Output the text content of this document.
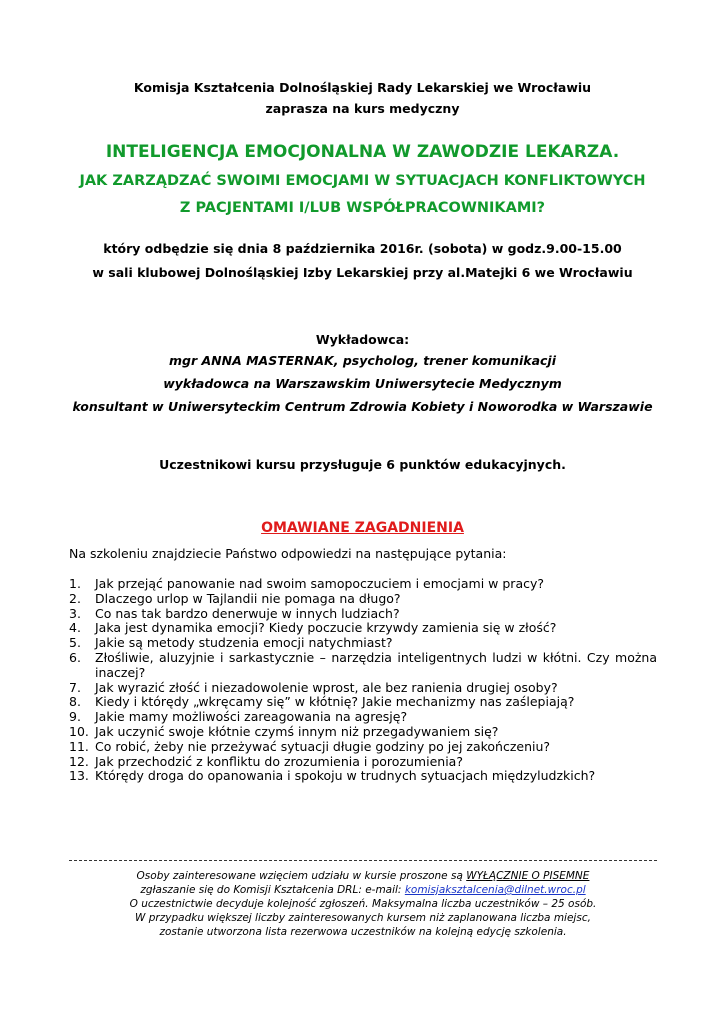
Komisja Kształcenia Dolnośląskiej Rady Lekarskiej we Wrocławiu
zaprasza na kurs medyczny
INTELIGENCJA EMOCJONALNA W ZAWODZIE LEKARZA.
JAK ZARZĄDZAĆ SWOIMI EMOCJAMI W SYTUACJACH KONFLIKTOWYCH
Z PACJENTAMI I/LUB WSPÓŁPRACOWNIKAMI?
który odbędzie się dnia 8 października 2016r. (sobota) w godz.9.00-15.00
w sali klubowej Dolnośląskiej Izby Lekarskiej przy al.Matejki 6 we Wrocławiu
Wykładowca:
mgr ANNA MASTERNAK, psycholog, trener komunikacji
wykładowca na Warszawskim Uniwersytecie Medycznym
konsultant w Uniwersyteckim Centrum Zdrowia Kobiety i Noworodka w Warszawie
Uczestnikowi kursu przysługuje 6 punktów edukacyjnych.
OMAWIANE ZAGADNIENIA
Na szkoleniu znajdziecie Państwo odpowiedzi na następujące pytania:
1. Jak przejąć panowanie nad swoim samopoczuciem i emocjami w pracy?
2. Dlaczego urlop w Tajlandii nie pomaga na długo?
3. Co nas tak bardzo denerwuje w innych ludziach?
4. Jaka jest dynamika emocji? Kiedy poczucie krzywdy zamienia się w złość?
5. Jakie są metody studzenia emocji natychmiast?
6. Złośliwie, aluzyjnie i sarkastycznie – narzędzia inteligentnych ludzi w kłótni. Czy można inaczej?
7. Jak wyrazić złość i niezadowolenie wprost, ale bez ranienia drugiej osoby?
8. Kiedy i którędy „wkręcamy się” w kłótnię? Jakie mechanizmy nas zaślepiają?
9. Jakie mamy możliwości zareagowania na agresję?
10. Jak uczynić swoje kłótnie czymś innym niż przegadywaniem się?
11. Co robić, żeby nie przeżywać sytuacji długie godziny po jej zakończeniu?
12. Jak przechodzić z konfliktu do zrozumienia i porozumienia?
13. Którędy droga do opanowania i spokoju w trudnych sytuacjach międzyludzkich?
Osoby zainteresowane wzięciem udziału w kursie proszone są WYŁĄCZNIE O PISEMNE
zgłaszanie się do Komisji Kształcenia DRL: e-mail: komisjaksztalcenia@dilnet.wroc.pl
O uczestnictwie decyduje kolejność zgłoszeń. Maksymalna liczba uczestników – 25 osób.
W przypadku większej liczby zainteresowanych kursem niż zaplanowana liczba miejsc,
zostanie utworzona lista rezerwowa uczestników na kolejną edycję szkolenia.
